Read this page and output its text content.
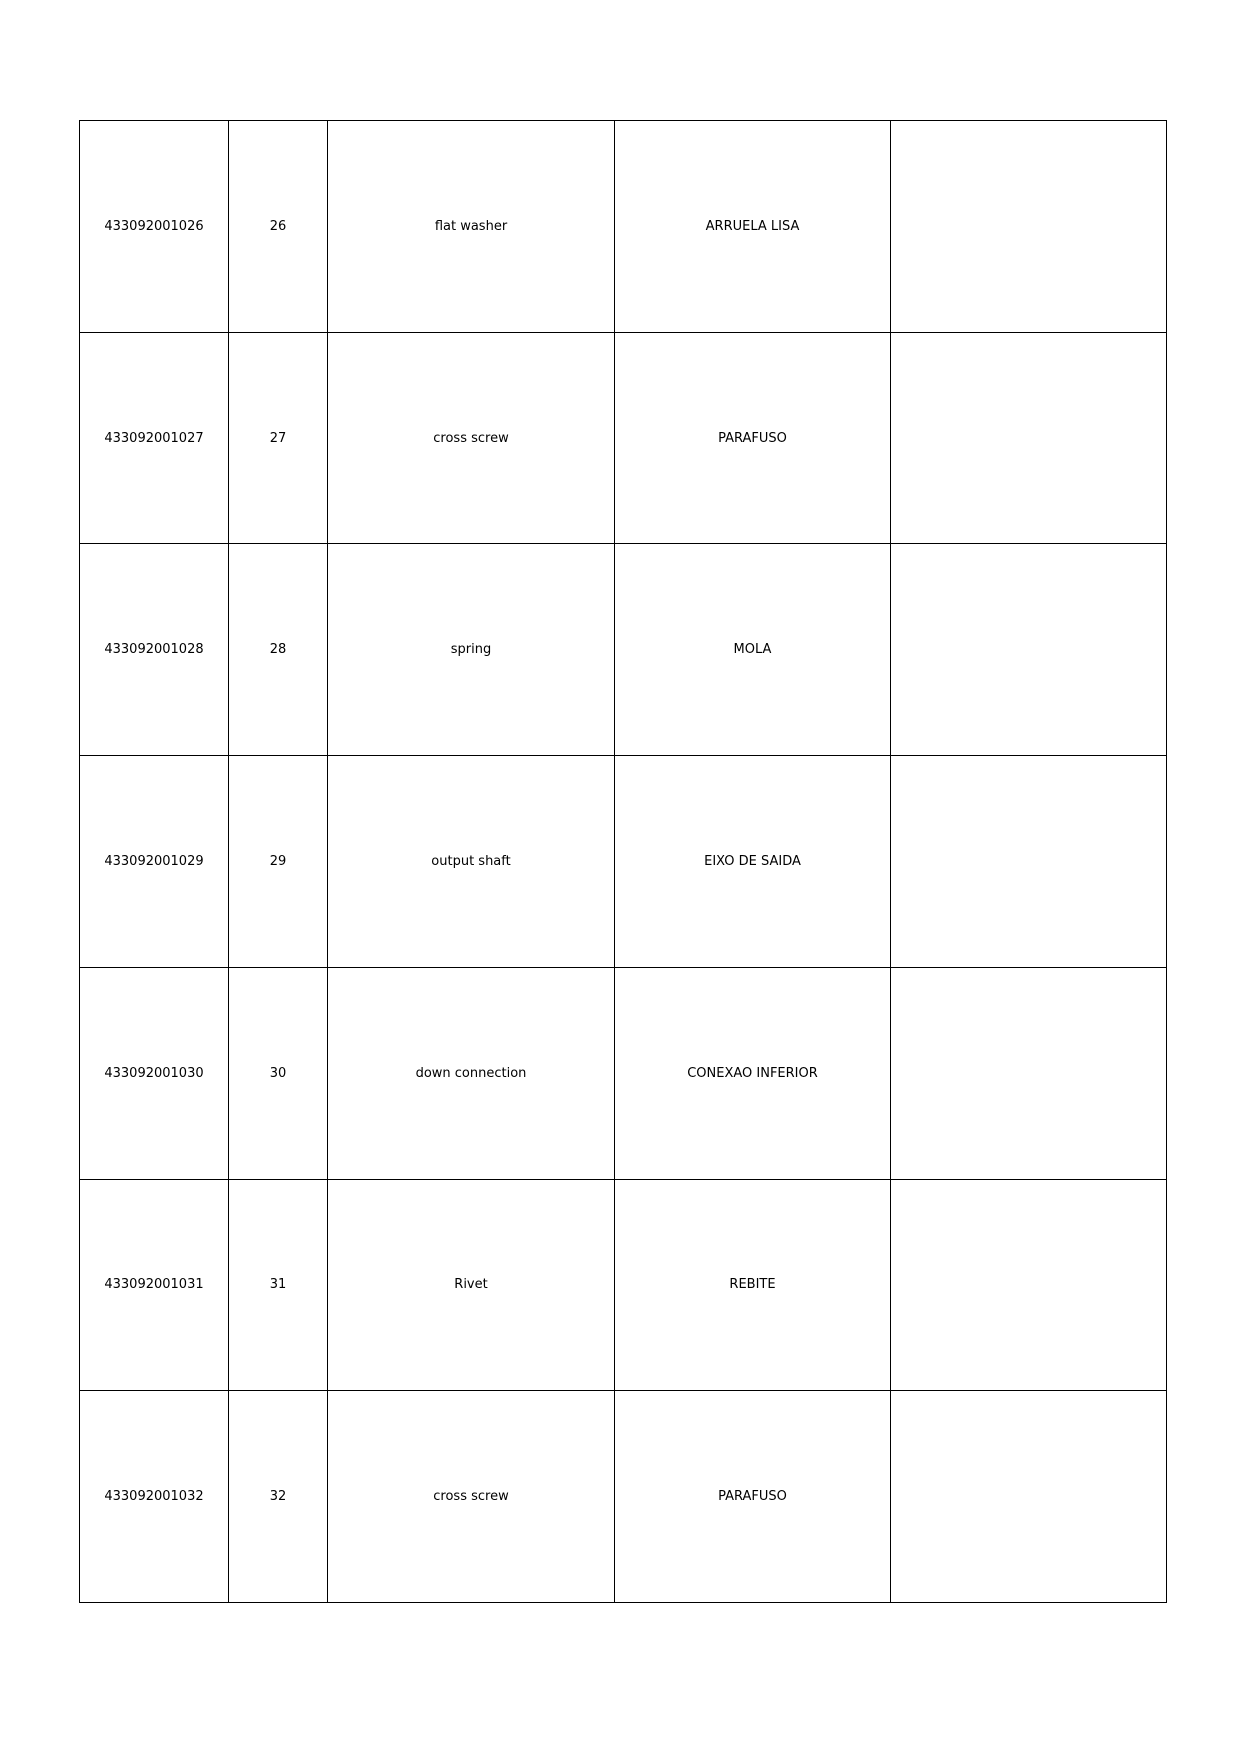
433092001026	26	flat washer	ARRUELA LISA	
433092001027	27	cross screw	PARAFUSO	
433092001028	28	spring	MOLA	
433092001029	29	output shaft	EIXO DE SAIDA	
433092001030	30	down connection	CONEXAO INFERIOR	
433092001031	31	Rivet	REBITE	
433092001032	32	cross screw	PARAFUSO	
